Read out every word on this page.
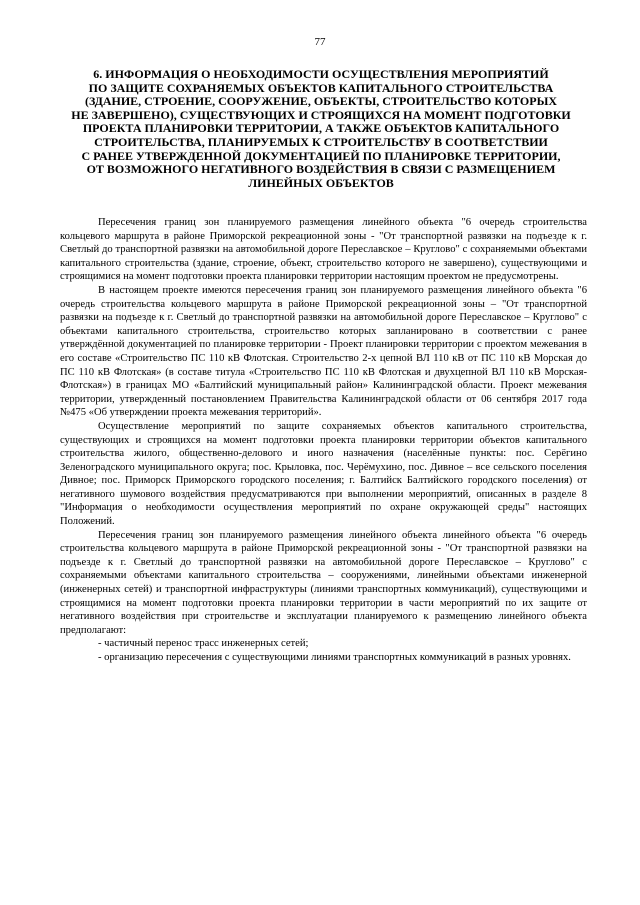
77
6. ИНФОРМАЦИЯ О НЕОБХОДИМОСТИ ОСУЩЕСТВЛЕНИЯ МЕРОПРИЯТИЙ
ПО ЗАЩИТЕ СОХРАНЯЕМЫХ ОБЪЕКТОВ КАПИТАЛЬНОГО СТРОИТЕЛЬСТВА
(ЗДАНИЕ, СТРОЕНИЕ, СООРУЖЕНИЕ, ОБЪЕКТЫ, СТРОИТЕЛЬСТВО КОТОРЫХ
НЕ ЗАВЕРШЕНО), СУЩЕСТВУЮЩИХ И СТРОЯЩИХСЯ НА МОМЕНТ ПОДГОТОВКИ
ПРОЕКТА ПЛАНИРОВКИ ТЕРРИТОРИИ, А ТАКЖЕ ОБЪЕКТОВ КАПИТАЛЬНОГО
СТРОИТЕЛЬСТВА, ПЛАНИРУЕМЫХ К СТРОИТЕЛЬСТВУ В СООТВЕТСТВИИ
С РАНЕЕ УТВЕРЖДЕННОЙ ДОКУМЕНТАЦИЕЙ ПО ПЛАНИРОВКЕ ТЕРРИТОРИИ,
ОТ ВОЗМОЖНОГО НЕГАТИВНОГО ВОЗДЕЙСТВИЯ В СВЯЗИ С РАЗМЕЩЕНИЕМ
ЛИНЕЙНЫХ ОБЪЕКТОВ

Пересечения границ зон планируемого размещения линейного объекта "6 очередь строительства кольцевого маршрута в районе Приморской рекреационной зоны - "От транспортной развязки на подъезде к г. Светлый до транспортной развязки на автомобильной дороге Переславское – Круглово" с сохраняемыми объектами капитального строительства (здание, строение, объект, строительство которого не завершено), существующими и строящимися на момент подготовки проекта планировки территории настоящим проектом не предусмотрены.

В настоящем проекте имеются пересечения границ зон планируемого размещения линейного объекта "6 очередь строительства кольцевого маршрута в районе Приморской рекреационной зоны – "От транспортной развязки на подъезде к г. Светлый до транспортной развязки на автомобильной дороге Переславское – Круглово" с объектами капитального строительства, строительство которых запланировано в соответствии с ранее утверждённой документацией по планировке территории - Проект планировки территории с проектом межевания в его составе «Строительство ПС 110 кВ Флотская. Строительство 2-х цепной ВЛ 110 кВ от ПС 110 кВ Морская до ПС 110 кВ Флотская» (в составе титула «Строительство ПС 110 кВ Флотская и двухцепной ВЛ 110 кВ Морская-Флотская») в границах МО «Балтийский муниципальный район» Калининградской области. Проект межевания территории, утвержденный постановлением Правительства Калининградской области от 06 сентября 2017 года №475 «Об утверждении проекта межевания территорий».

Осуществление мероприятий по защите сохраняемых объектов капитального строительства, существующих и строящихся на момент подготовки проекта планировки территории объектов капитального строительства жилого, общественно-делового и иного назначения (населённые пункты: пос. Серёгино Зеленоградского муниципального округа; пос. Крыловка, пос. Черёмухино, пос. Дивное – все сельского поселения Дивное; пос. Приморск Приморского городского поселения; г. Балтийск Балтийского городского поселения) от негативного шумового воздействия предусматриваются при выполнении мероприятий, описанных в разделе 8 "Информация о необходимости осуществления мероприятий по охране окружающей среды" настоящих Положений.

Пересечения границ зон планируемого размещения линейного объекта линейного объекта "6 очередь строительства кольцевого маршрута в районе Приморской рекреационной зоны - "От транспортной развязки на подъезде к г. Светлый до транспортной развязки на автомобильной дороге Переславское – Круглово" с сохраняемыми объектами капитального строительства – сооружениями, линейными объектами инженерной (инженерных сетей) и транспортной инфраструктуры (линиями транспортных коммуникаций), существующими и строящимися на момент подготовки проекта планировки территории в части мероприятий по их защите от негативного воздействия при строительстве и эксплуатации планируемого к размещению линейного объекта предполагают:

- частичный перенос трасс инженерных сетей;

- организацию пересечения с существующими линиями транспортных коммуникаций в разных уровнях.
